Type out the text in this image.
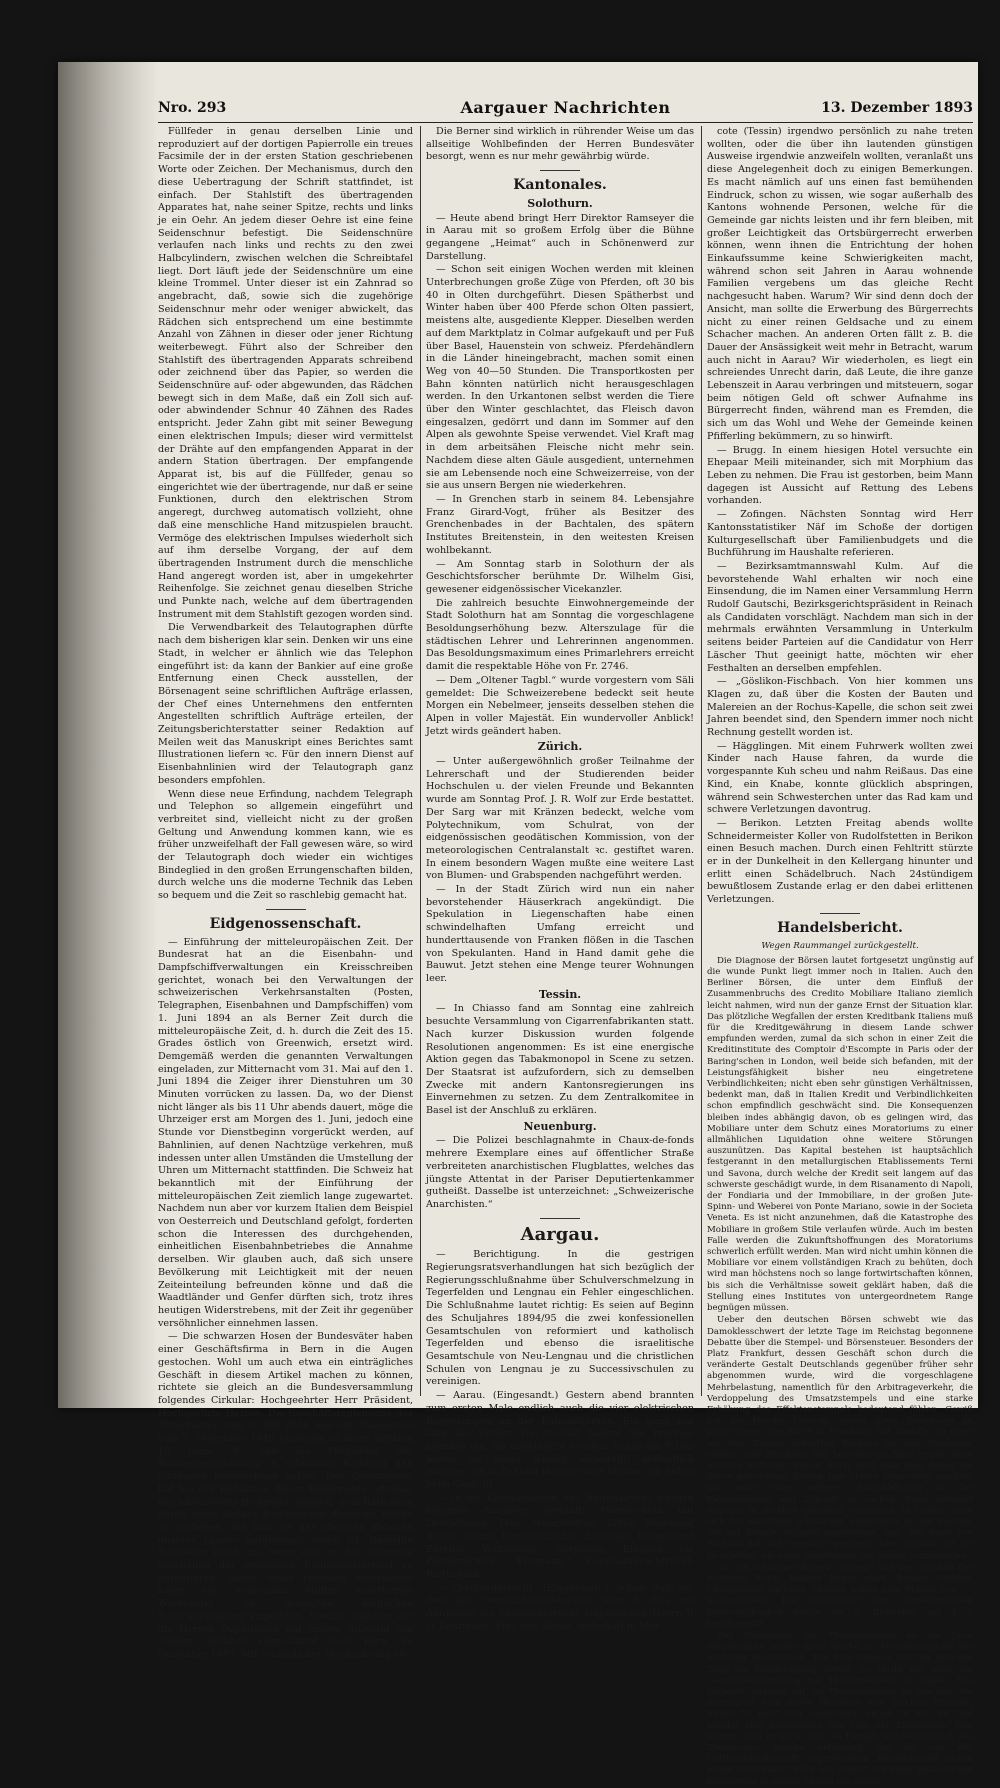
Nro. 293	Aargauer Nachrichten	13. Dezember 1893

Füllfeder in genau derselben Linie und reproduziert auf der dortigen Papierrolle ein treues Facsimile der in der ersten Station geschriebenen Worte oder Zeichen. Der Mechanismus, durch den diese Uebertragung der Schrift stattfindet, ist einfach. Der Stahlstift des übertragenden Apparates hat, nahe seiner Spitze, rechts und links je ein Oehr. An jedem dieser Oehre ist eine feine Seidenschnur befestigt. Die Seidenschnüre verlaufen nach links und rechts zu den zwei Halbcylindern, zwischen welchen die Schreibtafel liegt. Dort läuft jede der Seidenschnüre um eine kleine Trommel. Unter dieser ist ein Zahnrad so angebracht, daß, sowie sich die zugehörige Seidenschnur mehr oder weniger abwickelt, das Rädchen sich entsprechend um eine bestimmte Anzahl von Zähnen in dieser oder jener Richtung weiterbewegt. Führt also der Schreiber den Stahlstift des übertragenden Apparats schreibend oder zeichnend über das Papier, so werden die Seidenschnüre auf- oder abgewunden, das Rädchen bewegt sich in dem Maße, daß ein Zoll sich auf- oder abwindender Schnur 40 Zähnen des Rades entspricht. Jeder Zahn gibt mit seiner Bewegung einen elektrischen Impuls; dieser wird vermittelst der Drähte auf den empfangenden Apparat in der andern Station übertragen. Der empfangende Apparat ist, bis auf die Füllfeder, genau so eingerichtet wie der übertragende, nur daß er seine Funktionen, durch den elektrischen Strom angeregt, durchweg automatisch vollzieht, ohne daß eine menschliche Hand mitzuspielen braucht. Vermöge des elektrischen Impulses wiederholt sich auf ihm derselbe Vorgang, der auf dem übertragenden Instrument durch die menschliche Hand angeregt worden ist, aber in umgekehrter Reihenfolge. Sie zeichnet genau dieselben Striche und Punkte nach, welche auf dem übertragenden Instrument mit dem Stahlstift gezogen worden sind.

Die Verwendbarkeit des Telautographen dürfte nach dem bisherigen klar sein. Denken wir uns eine Stadt, in welcher er ähnlich wie das Telephon eingeführt ist: da kann der Bankier auf eine große Entfernung einen Check ausstellen, der Börsenagent seine schriftlichen Aufträge erlassen, der Chef eines Unternehmens den entfernten Angestellten schriftlich Aufträge erteilen, der Zeitungsberichterstatter seiner Redaktion auf Meilen weit das Manuskript eines Berichtes samt Illustrationen liefern ꝛc. Für den innern Dienst auf Eisenbahnlinien wird der Telautograph ganz besonders empfohlen.

Wenn diese neue Erfindung, nachdem Telegraph und Telephon so allgemein eingeführt und verbreitet sind, vielleicht nicht zu der großen Geltung und Anwendung kommen kann, wie es früher unzweifelhaft der Fall gewesen wäre, so wird der Telautograph doch wieder ein wichtiges Bindeglied in den großen Errungenschaften bilden, durch welche uns die moderne Technik das Leben so bequem und die Zeit so raschlebig gemacht hat.

Eidgenossenschaft.

— Einführung der mitteleuropäischen Zeit. Der Bundesrat hat an die Eisenbahn- und Dampfschiffverwaltungen ein Kreisschreiben gerichtet, wonach bei den Verwaltungen der schweizerischen Verkehrsanstalten (Posten, Telegraphen, Eisenbahnen und Dampfschiffen) vom 1. Juni 1894 an als Berner Zeit durch die mitteleuropäische Zeit, d. h. durch die Zeit des 15. Grades östlich von Greenwich, ersetzt wird. Demgemäß werden die genannten Verwaltungen eingeladen, zur Mitternacht vom 31. Mai auf den 1. Juni 1894 die Zeiger ihrer Dienstuhren um 30 Minuten vorrücken zu lassen. Da, wo der Dienst nicht länger als bis 11 Uhr abends dauert, möge die Uhrzeiger erst am Morgen des 1. Juni, jedoch eine Stunde vor Dienstbeginn vorgerückt werden, auf Bahnlinien, auf denen Nachtzüge verkehren, muß indessen unter allen Umständen die Umstellung der Uhren um Mitternacht stattfinden. Die Schweiz hat bekanntlich mit der Einführung der mitteleuropäischen Zeit ziemlich lange zugewartet. Nachdem nun aber vor kurzem Italien dem Beispiel von Oesterreich und Deutschland gefolgt, forderten schon die Interessen des durchgehenden, einheitlichen Eisenbahnbetriebes die Annahme derselben. Wir glauben auch, daß sich unsere Bevölkerung mit Leichtigkeit mit der neuen Zeiteinteilung befreunden könne und daß die Waadtländer und Genfer dürften sich, trotz ihres heutigen Widerstrebens, mit der Zeit ihr gegenüber versöhnlicher einnehmen lassen.

— Die schwarzen Hosen der Bundesväter haben einer Geschäftsfirma in Bern in die Augen gestochen. Wohl um auch etwa ein einträgliches Geschäft in diesem Artikel machen zu können, richtete sie gleich an die Bundesversammlung folgendes Cirkular: Hochgeehrter Herr Präsident, Hochgeehrte Herren. Die Geschäftsreglemente des Nationalrats vom 9. Juli 1850 und des Ständerats vom 7. Dezember 1849 bezeugen in ihren Artikeln 10 bezw. 9, daß die Mitglieder der Bundesversammlung in schwarzer Kleidung den Sitzungen beizuwohnen haben. Den Gesetzgeber hat bei der Redaktion dieser Reglemente offenbar das lobenswerte Bestreben geleitet, dem Rate auch durch seine äußere Erscheinung diejenige Würde zu verleihen, die ihm als der obersten Behörde unseres Landes naturgemäß eigen ist. Dasselbe Bestreben leitet uns, wenn wir, um das strengste Innehalten der genannten Reglementsartikel zu garantieren, Ihnen unser reichlich assortiertes Lager von schwarzen Stoffen assortiertes Warenlager zu geneigten käuflichen Berücksichtigung empfehlen. Speziell machen wir die Herren Deputierten auf unsere Auswahl von Stoffen reichlich ausgestattet sind. Bern, im Dezember 1893. Mit vorzüglicher Hochachtung etc.

Die Berner sind wirklich in rührender Weise um das allseitige Wohlbefinden der Herren Bundesväter besorgt, wenn es nur mehr gewährbig würde.

Kantonales.
Solothurn.

— Heute abend bringt Herr Direktor Ramseyer die in Aarau mit so großem Erfolg über die Bühne gegangene „Heimat“ auch in Schönenwerd zur Darstellung.

— Schon seit einigen Wochen werden mit kleinen Unterbrechungen große Züge von Pferden, oft 30 bis 40 in Olten durchgeführt. Diesen Spätherbst und Winter haben über 400 Pferde schon Olten passiert, meistens alte, ausgediente Klepper. Dieselben werden auf dem Marktplatz in Colmar aufgekauft und per Fuß über Basel, Hauenstein von schweiz. Pferdehändlern in die Länder hineingebracht, machen somit einen Weg von 40—50 Stunden. Die Transportkosten per Bahn könnten natürlich nicht herausgeschlagen werden. In den Urkantonen selbst werden die Tiere über den Winter geschlachtet, das Fleisch davon eingesalzen, gedörrt und dann im Sommer auf den Alpen als gewohnte Speise verwendet. Viel Kraft mag in dem arbeitsähen Fleische nicht mehr sein. Nachdem diese alten Gäule ausgedient, unternehmen sie am Lebensende noch eine Schweizerreise, von der sie aus unsern Bergen nie wiederkehren.

— In Grenchen starb in seinem 84. Lebensjahre Franz Girard-Vogt, früher als Besitzer des Grenchenbades in der Bachtalen, des spätern Institutes Breitenstein, in den weitesten Kreisen wohlbekannt.

— Am Sonntag starb in Solothurn der als Geschichtsforscher berühmte Dr. Wilhelm Gisi, gewesener eidgenössischer Vicekanzler.

Die zahlreich besuchte Einwohnergemeinde der Stadt Solothurn hat am Sonntag die vorgeschlagene Besoldungserhöhung bezw. Alterszulage für die städtischen Lehrer und Lehrerinnen angenommen. Das Besoldungsmaximum eines Primarlehrers erreicht damit die respektable Höhe von Fr. 2746.

— Dem „Oltener Tagbl.“ wurde vorgestern vom Säli gemeldet: Die Schweizerebene bedeckt seit heute Morgen ein Nebelmeer, jenseits desselben stehen die Alpen in voller Majestät. Ein wundervoller Anblick! Jetzt wirds geändert haben.

Zürich.

— Unter außergewöhnlich großer Teilnahme der Lehrerschaft und der Studierenden beider Hochschulen u. der vielen Freunde und Bekannten wurde am Sonntag Prof. J. R. Wolf zur Erde bestattet. Der Sarg war mit Kränzen bedeckt, welche vom Polytechnikum, vom Schulrat, von der eidgenössischen geodätischen Kommission, von der meteorologischen Centralanstalt ꝛc. gestiftet waren. In einem besondern Wagen mußte eine weitere Last von Blumen- und Grabspenden nachgeführt werden.

— In der Stadt Zürich wird nun ein naher bevorstehender Häuserkrach angekündigt. Die Spekulation in Liegenschaften habe einen schwindelhaften Umfang erreicht und hunderttausende von Franken flößen in die Taschen von Spekulanten. Hand in Hand damit gehe die Bauwut. Jetzt stehen eine Menge teurer Wohnungen leer.

Tessin.

— In Chiasso fand am Sonntag eine zahlreich besuchte Versammlung von Cigarrenfabrikanten statt. Nach kurzer Diskussion wurden folgende Resolutionen angenommen: Es ist eine energische Aktion gegen das Tabakmonopol in Scene zu setzen. Der Staatsrat ist aufzufordern, sich zu demselben Zwecke mit andern Kantonsregierungen ins Einvernehmen zu setzen. Zu dem Zentralkomitee in Basel ist der Anschluß zu erklären.

Neuenburg.

— Die Polizei beschlagnahmte in Chaux-de-fonds mehrere Exemplare eines auf öffentlicher Straße verbreiteten anarchistischen Flugblattes, welches das jüngste Attentat in der Pariser Deputiertenkammer gutheißt. Dasselbe ist unterzeichnet: „Schweizerische Anarchisten.“

Aargau.

— Berichtigung. In die gestrigen Regierungsratsverhandlungen hat sich bezüglich der Regierungsschlußnahme über Schulverschmelzung in Tegerfelden und Lengnau ein Fehler eingeschlichen. Die Schlußnahme lautet richtig: Es seien auf Beginn des Schuljahres 1894/95 die zwei konfessionellen Gesamtschulen von reformiert und katholisch Tegerfelden und ebenso die israelitische Gesamtschule von Neu-Lengnau und die christlichen Schulen von Lengnau je zu Successivschulen zu vereinigen.

— Aarau. (Eingesandt.) Gestern abend brannten zum ersten Male endlich auch die vier elektrischen Bogenlampen an der Bahnhofstraße. Ein gang wie lang die Bürger sie ersehnt haben! Sie brennen ziemlich gut, sie angebracht wurden. Schon um 9 Uhr waren sie leider wieder abgestellt; hoffentlich leuchten sie in Zukunft länger, sonst bleiben wir lieber beim Gaslicht.

— In die Kommissionen des Nationalrates wurden folgende Aargauer gewählt: Patentschutz mit Deutschland: Frey. Münzvertrag: Lüthy. Rechtsauf Arbeit: Künzli. Rheinschiffahrt: Zschokke. Berner und Zürcher Verfassung: Ursprung. Eingabe für Pferdezüchter: Erismann. Eisenbahnfrachtrecht: Rietlisbach.

— Ortsbürgerrecht. (Eingesandt.) Schon daß wir dem laut Gemeinderatsbeschluß vom 8. dies zur Aufnahme ins Ortsbürgerrecht empfohlenen Herrn P. O. Lahrmann, Priv. von Altona, wohnhaft in Mor-

cote (Tessin) irgendwo persönlich zu nahe treten wollten, oder die über ihn lautenden günstigen Ausweise irgendwie anzweifeln wollten, veranlaßt uns diese Angelegenheit doch zu einigen Bemerkungen. Es macht nämlich auf uns einen fast bemühenden Eindruck, schon zu wissen, wie sogar außerhalb des Kantons wohnende Personen, welche für die Gemeinde gar nichts leisten und ihr fern bleiben, mit großer Leichtigkeit das Ortsbürgerrecht erwerben können, wenn ihnen die Entrichtung der hohen Einkaufssumme keine Schwierigkeiten macht, während schon seit Jahren in Aarau wohnende Familien vergebens um das gleiche Recht nachgesucht haben. Warum? Wir sind denn doch der Ansicht, man sollte die Erwerbung des Bürgerrechts nicht zu einer reinen Geldsache und zu einem Schacher machen. An anderen Orten fällt z. B. die Dauer der Ansässigkeit weit mehr in Betracht, warum auch nicht in Aarau? Wir wiederholen, es liegt ein schreiendes Unrecht darin, daß Leute, die ihre ganze Lebenszeit in Aarau verbringen und mitsteuern, sogar beim nötigen Geld oft schwer Aufnahme ins Bürgerrecht finden, während man es Fremden, die sich um das Wohl und Wehe der Gemeinde keinen Pfifferling bekümmern, zu so hinwirft.

— Brugg. In einem hiesigen Hotel versuchte ein Ehepaar Meili miteinander, sich mit Morphium das Leben zu nehmen. Die Frau ist gestorben, beim Mann dagegen ist Aussicht auf Rettung des Lebens vorhanden.

— Zofingen. Nächsten Sonntag wird Herr Kantonsstatistiker Näf im Schoße der dortigen Kulturgesellschaft über Familienbudgets und die Buchführung im Haushalte referieren.

— Bezirksamtmannswahl Kulm. Auf die bevorstehende Wahl erhalten wir noch eine Einsendung, die im Namen einer Versammlung Herrn Rudolf Gautschi, Bezirksgerichtspräsident in Reinach als Candidaten vorschlägt. Nachdem man sich in der mehrmals erwähnten Versammlung in Unterkulm seitens beider Parteien auf die Candidatur von Herr Läscher Thut geeinigt hatte, möchten wir eher Festhalten an derselben empfehlen.

— „Göslikon-Fischbach. Von hier kommen uns Klagen zu, daß über die Kosten der Bauten und Malereien an der Rochus-Kapelle, die schon seit zwei Jahren beendet sind, den Spendern immer noch nicht Rechnung gestellt worden ist.

— Hägglingen. Mit einem Fuhrwerk wollten zwei Kinder nach Hause fahren, da wurde die vorgespannte Kuh scheu und nahm Reißaus. Das eine Kind, ein Knabe, konnte glücklich abspringen, während sein Schwesterchen unter das Rad kam und schwere Verletzungen davontrug.

— Berikon. Letzten Freitag abends wollte Schneidermeister Koller von Rudolfstetten in Berikon einen Besuch machen. Durch einen Fehltritt stürzte er in der Dunkelheit in den Kellergang hinunter und erlitt einen Schädelbruch. Nach 24stündigem bewußtlosem Zustande erlag er den dabei erlittenen Verletzungen.

Handelsbericht.
Wegen Raummangel zurückgestellt.

Die Diagnose der Börsen lautet fortgesetzt ungünstig auf die wunde Punkt liegt immer noch in Italien. Auch den Berliner Börsen, die unter dem Einfluß der Zusammenbruchs des Credito Mobiliare Italiano ziemlich leicht nahmen, wird nun der ganze Ernst der Situation klar. Das plötzliche Wegfallen der ersten Kreditbank Italiens muß für die Kreditgewährung in diesem Lande schwer empfunden werden, zumal da sich schon in einer Zeit die Kreditinstitute des Comptoir d'Escompte in Paris oder der Baring'schen in London, weil beide sich befanden, mit der Leistungsfähigkeit bisher neu eingetretene Verbindlichkeiten; nicht eben sehr günstigen Verhältnissen, bedenkt man, daß in Italien Kredit und Verbindlichkeiten schon empfindlich geschwächt sind. Die Konsequenzen bleiben indes abhängig davon, ob es gelingen wird, das Mobiliare unter dem Schutz eines Moratoriums zu einer allmählichen Liquidation ohne weitere Störungen auszunützen. Das Kapital bestehen ist hauptsächlich festgerannt in den metallurgischen Etablissements Terni und Savona, durch welche der Kredit seit langem auf das schwerste geschädigt wurde, in dem Risanamento di Napoli, der Fondiaria und der Immobiliare, in der großen Jute-Spinn- und Weberei von Ponte Mariano, sowie in der Societa Veneta. Es ist nicht anzunehmen, daß die Katastrophe des Mobiliare in großem Stile verlaufen würde. Auch im besten Falle werden die Zukunftshoffnungen des Moratoriums schwerlich erfüllt werden. Man wird nicht umhin können die Mobiliare vor einem vollständigen Krach zu behüten, doch wird man höchstens noch so lange fortwirtschaften können, bis sich die Verhältnisse soweit geklärt haben, daß die Stellung eines Institutes von untergeordnetem Range begnügen müssen.

Ueber den deutschen Börsen schwebt wie das Damoklesschwert der letzte Tage im Reichstag begonnene Debatte über die Stempel- und Börsensteuer. Besonders der Platz Frankfurt, dessen Geschäft schon durch die veränderte Gestalt Deutschlands gegenüber früher sehr abgenommen wurde, wird die vorgeschlagene Mehrbelastung, namentlich für den Arbitrageverkehr, die Verdoppelung des Umsatzstempels und eine starke Erhöhung des Effektenstempels bedeutend fühlen. Gewiß hat der Handel Unrecht, gegen diese Vorschläge zu protestieren. Die Börse in Frankfurt hat überdies in einer auf ihre Kosten geführten Eingabe an den Bundesrat erklärt, daß Frankfurt mit besonderem Eifer gegen diese Steuern auftreten werde. Auch wird man dem gegen die Börse gerichteten Antrag hier starke Opposition machen, um nicht ohne weiteres Entschädigung in der Kapitalbildung und Zukunft zu suchen. Paris verkehrt dagegen in ziemlich günstiger Stimmung. In London zeigt sich die Marktlage schwächer, namentlich in den Kreisen, die auf fremde Anlagen angewiesen sind. Die Bank von England hat sich veranlaßt gesehen, ihren Diskont auf 3% zu erhöhen, um einer Abströmung des Goldes vorzubeugen.

An den Schweizer Börsen „erfreut“ sich das Geschäft der festesten Ruhe. Bahnen liegen matt, Banken leichter, Obligationen wichend. Chamer haben eine Prämie von ⁴⁄₁₀ nachgelassen. Der Diskontsatz der schweizerischen Emissionsbanken wurde am 5. Dezember auf 4½% herabgesetzt.

Der Uebergang der Thunerseebahn an die Jura-Simplonbahn wurde diese Woche im Verwaltungsrate der letzteren beschlossen. Die Jura-Simplon hat am gleichen Tage die Ermächtigung erteilt. Es bleibt nur noch die Generalversammlung der Thunerseebahn zu fragen. Das folgende Angebot auf die Thunerseebahn zu machen: Sie übernimmt eine dritte Hypothek von 300,000 Franken, ferner 93 nicht voll eingezahlte Aktien zu 500 Fr. und bezahlt eine Kommission von 10% der Einnahmen. Nun kommt noch möglich, daß die Dampfschiff-Gesellschaft des Thunersees, welche anfänglich die ihr von der Gotthardgesellschaft angewiesenen Brudenhandel schon probe zurückwies, wohl aus Furcht vor einer gefährlichen Konkurrenz in letzter Stunde mit einem
